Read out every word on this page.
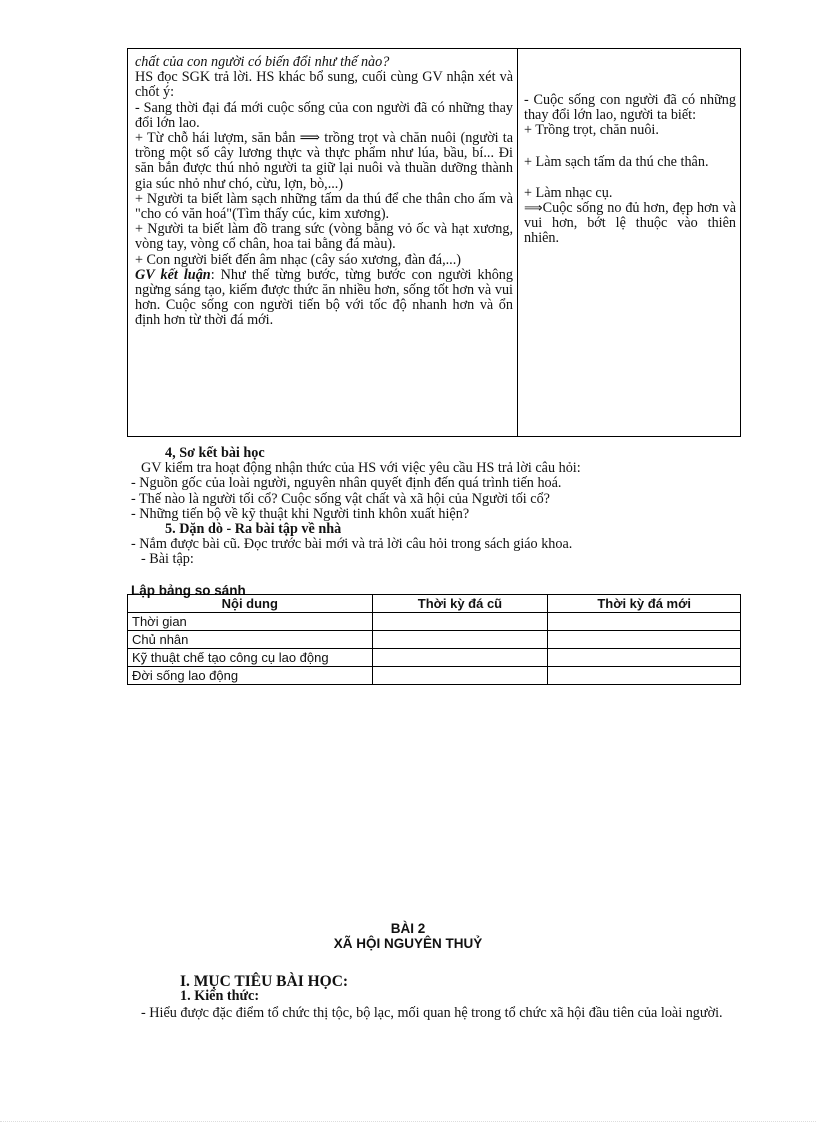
chất của con người có biến đổi như thế nào?

HS đọc SGK trả lời. HS khác bổ sung, cuối cùng GV nhận xét và chốt ý:

- Sang thời đại đá mới cuộc sống của con người đã có những thay đổi lớn lao.

+ Từ chỗ hái lượm, săn bắn ⟹ trồng trọt và chăn nuôi (người ta trồng một số cây lương thực và thực phẩm như lúa, bầu, bí... Đi săn bắn được thú nhỏ người ta giữ lại nuôi và thuần dưỡng thành gia súc nhỏ như chó, cừu, lợn, bò,...)

+ Người ta biết làm sạch những tấm da thú để che thân cho ấm và "cho có văn hoá"(Tìm thấy cúc, kim xương).

+ Người ta biết làm đồ trang sức (vòng bằng vỏ ốc và hạt xương, vòng tay, vòng cổ chân, hoa tai bằng đá màu).

+ Con người biết đến âm nhạc (cây sáo xương, đàn đá,...)

GV kết luận: Như thế từng bước, từng bước con người không ngừng sáng tạo, kiếm được thức ăn nhiều hơn, sống tốt hơn và vui hơn. Cuộc sống con người tiến bộ với tốc độ nhanh hơn và ổn định hơn từ thời đá mới.

- Cuộc sống con người đã có những thay đổi lớn lao, người ta biết:

+ Trồng trọt, chăn nuôi.

+ Làm sạch tấm da thú che thân.

+ Làm nhạc cụ.

⟹Cuộc sống no đủ hơn, đẹp hơn và vui hơn, bớt lệ thuộc vào thiên nhiên.

4, Sơ kết bài học

GV kiểm tra hoạt động nhận thức của HS với việc yêu cầu HS trả lời câu hỏi:

- Nguồn gốc của loài người, nguyên nhân quyết định đến quá trình tiến hoá.

- Thế nào là người tối cổ? Cuộc sống vật chất và xã hội của Người tối cổ?

- Những tiến bộ về kỹ thuật khi Người tinh khôn xuất hiện?

5. Dặn dò - Ra bài tập về nhà

- Nắm được bài cũ. Đọc trước bài mới và trả lời câu hỏi trong sách giáo khoa.

- Bài tập:

Lập bảng so sánh
Nội dung	Thời kỳ đá cũ	Thời kỳ đá mới
Thời gian		
Chủ nhân		
Kỹ thuật chế tạo công cụ lao động		
Đời sống lao động		
BÀI 2
XÃ HỘI NGUYÊN THUỶ

I. MỤC TIÊU BÀI HỌC:

1. Kiến thức:

- Hiểu được đặc điểm tổ chức thị tộc, bộ lạc, mối quan hệ trong tổ chức xã hội đầu tiên của loài người.
